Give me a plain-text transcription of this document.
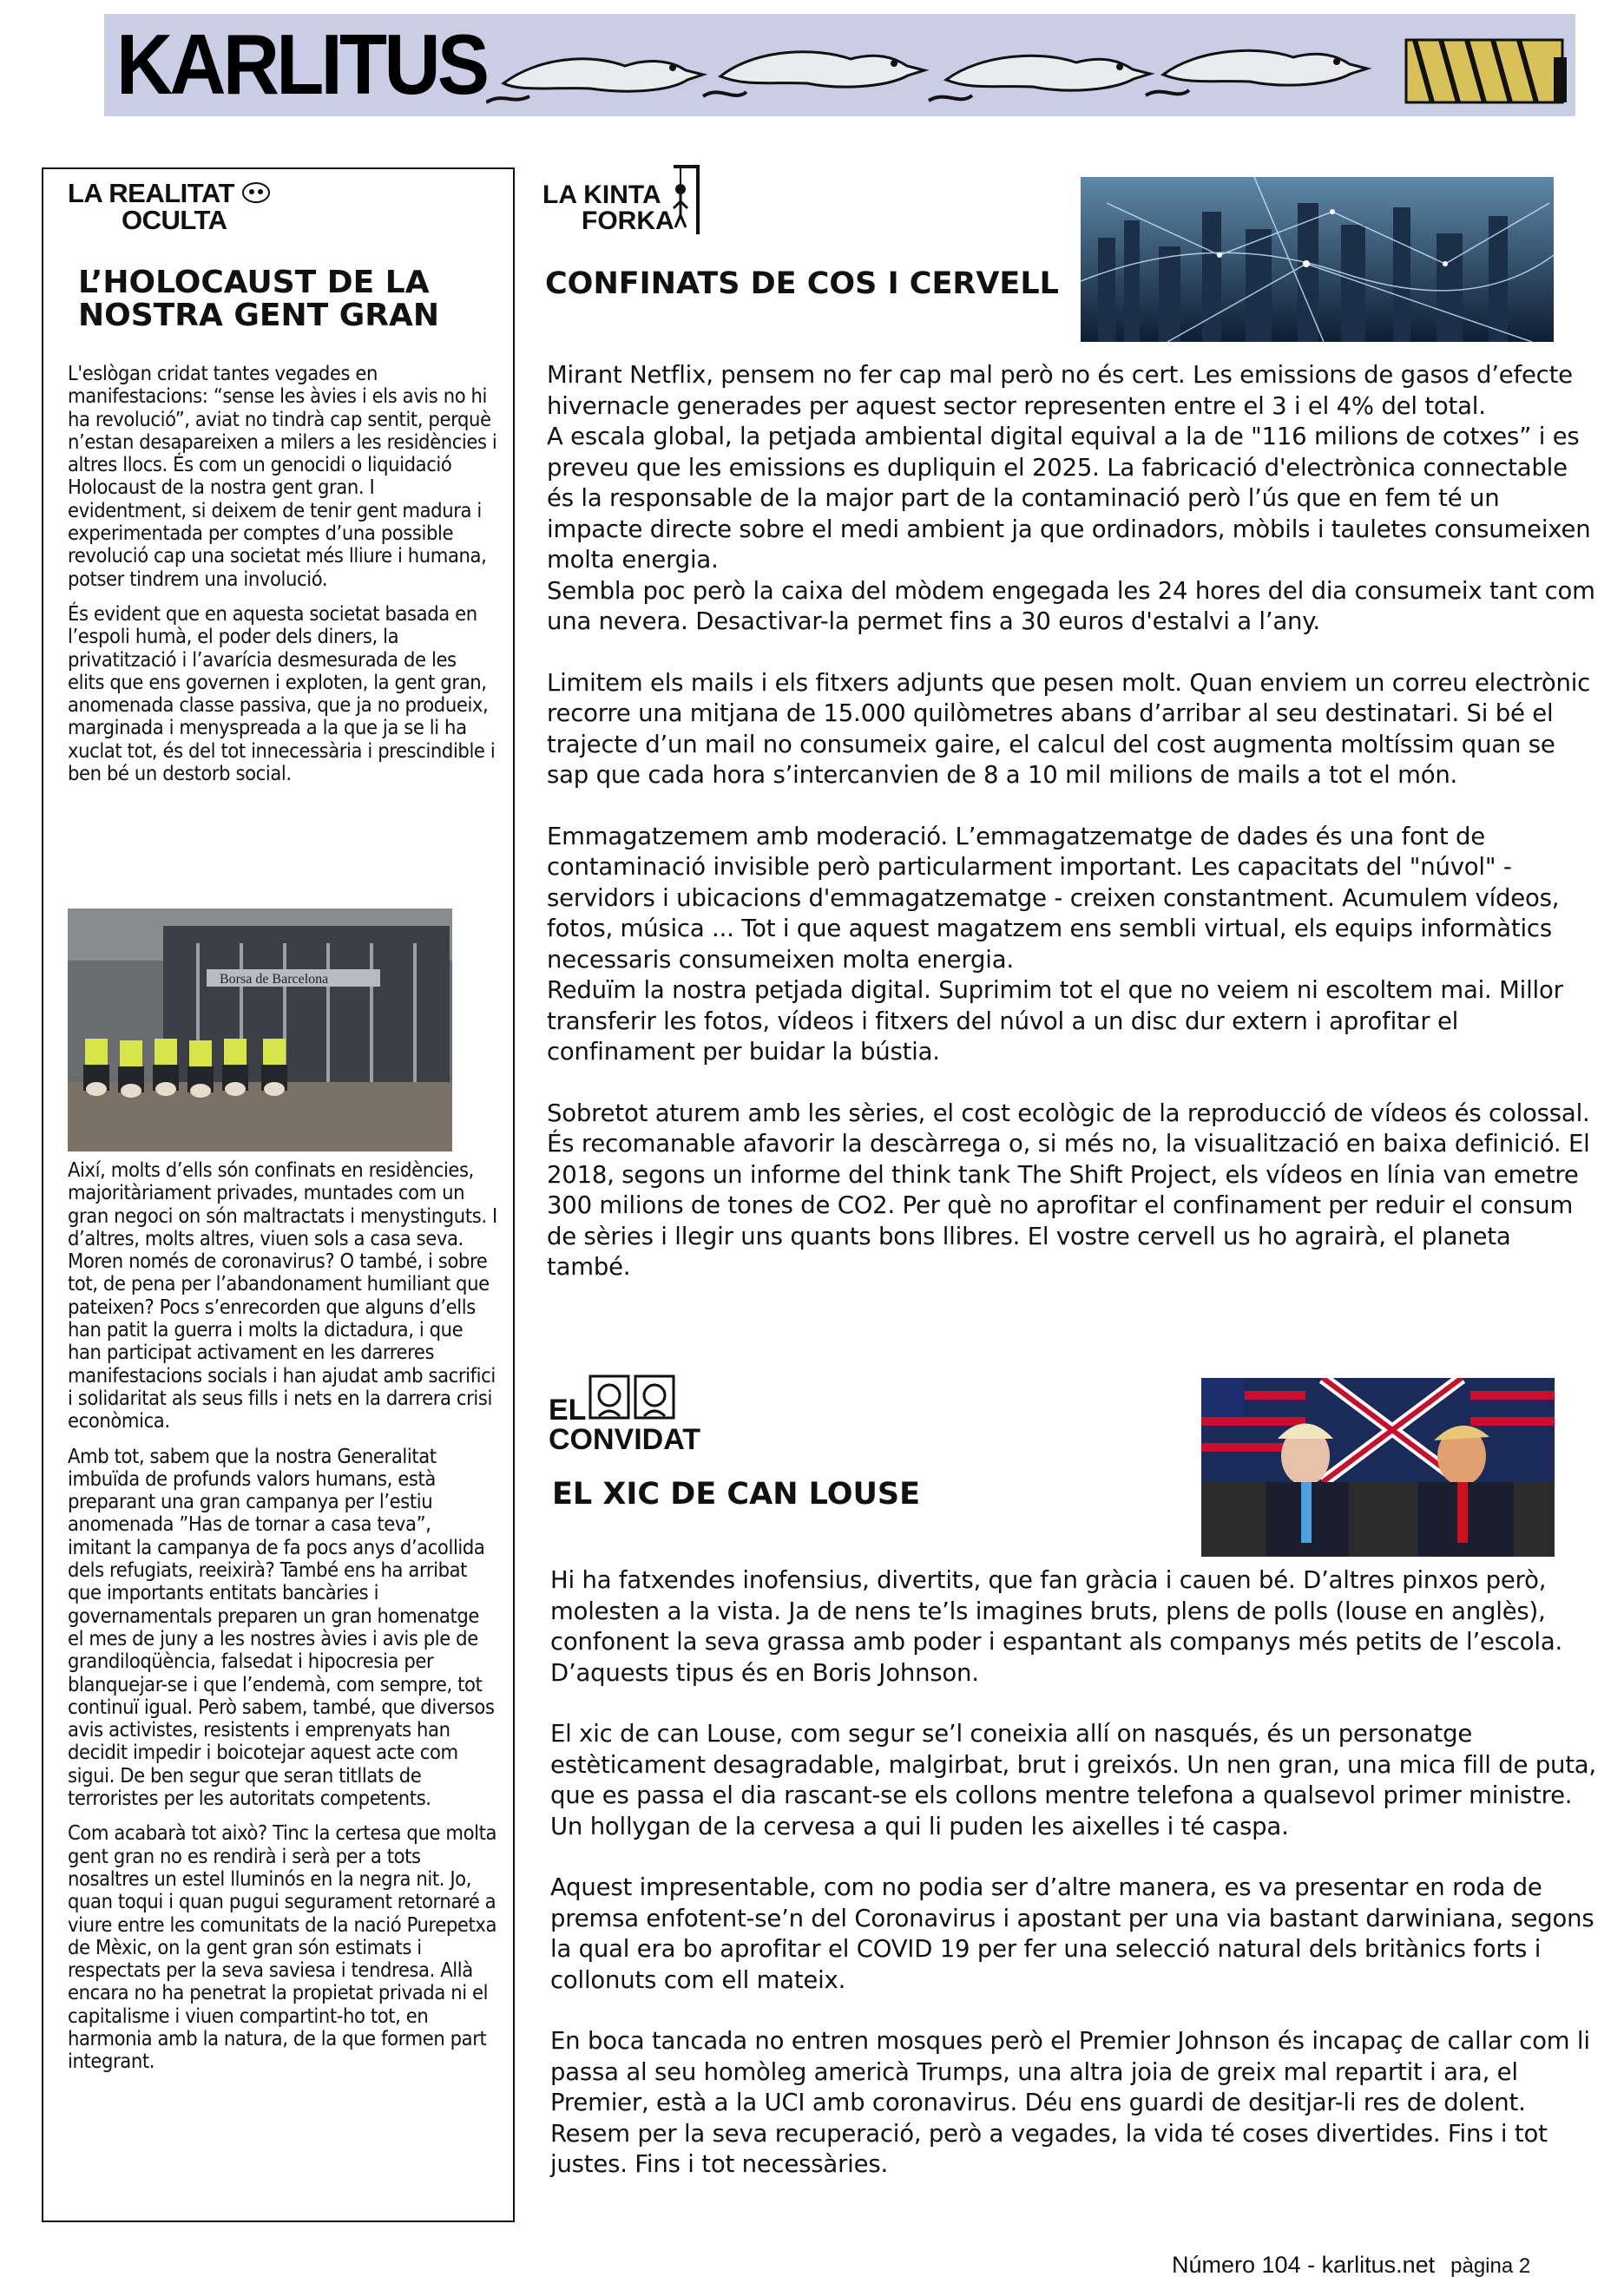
KARLITUS
LA REALITAT
OCULTA
L’HOLOCAUST DE LA
NOSTRA GENT GRAN

L'eslògan cridat tantes vegades en manifestacions: “sense les àvies i els avis no hi ha revolució”, aviat no tindrà cap sentit, perquè n’estan desapareixen a milers a les residències i altres llocs. És com un genocidi o liquidació Holocaust de la nostra gent gran. I evidentment, si deixem de tenir gent madura i experimentada per comptes d’una possible revolució cap una societat més lliure i humana, potser tindrem una involució.

És evident que en aquesta societat basada en l’espoli humà, el poder dels diners, la privatització i l’avarícia desmesurada de les elits que ens governen i exploten, la gent gran, anomenada classe passiva, que ja no produeix, marginada i menyspreada a la que ja se li ha xuclat tot, és del tot innecessària i prescindible i ben bé un destorb social.

Borsa de Barcelona

Així, molts d’ells són confinats en residències, majoritàriament privades, muntades com un gran negoci on són maltractats i menystinguts. I d’altres, molts altres, viuen sols a casa seva. Moren només de coronavirus? O també, i sobre tot, de pena per l’abandonament humiliant que pateixen? Pocs s’enrecorden que alguns d’ells han patit la guerra i molts la dictadura, i que han participat activament en les darreres manifestacions socials i han ajudat amb sacrifici i solidaritat als seus fills i nets en la darrera crisi econòmica.

Amb tot, sabem que la nostra Generalitat imbuïda de profunds valors humans, està preparant una gran campanya per l’estiu anomenada ”Has de tornar a casa teva”, imitant la campanya de fa pocs anys d’acollida dels refugiats, reeixirà? També ens ha arribat que importants entitats bancàries i governamentals preparen un gran homenatge el mes de juny a les nostres àvies i avis ple de grandiloqüència, falsedat i hipocresia per blanquejar-se i que l’endemà, com sempre, tot continuï igual. Però sabem, també, que diversos avis activistes, resistents i emprenyats han decidit impedir i boicotejar aquest acte com sigui. De ben segur que seran titllats de terroristes per les autoritats competents.

Com acabarà tot això? Tinc la certesa que molta gent gran no es rendirà i serà per a tots nosaltres un estel lluminós en la negra nit. Jo, quan toqui i quan pugui segurament retornaré a viure entre les comunitats de la nació Purepetxa de Mèxic, on la gent gran són estimats i respectats per la seva saviesa i tendresa. Allà encara no ha penetrat la propietat privada ni el capitalisme i viuen compartint-ho tot, en harmonia amb la natura, de la que formen part integrant.

LA KINTA
FORKA
CONFINATS DE COS I CERVELL

Mirant Netflix, pensem no fer cap mal però no és cert. Les emissions de gasos d’efecte hivernacle generades per aquest sector representen entre el 3 i el 4% del total.

A escala global, la petjada ambiental digital equival a la de "116 milions de cotxes” i es preveu que les emissions es dupliquin el 2025. La fabricació d'electrònica connectable és la responsable de la major part de la contaminació però l’ús que en fem té un impacte directe sobre el medi ambient ja que ordinadors, mòbils i tauletes consumeixen molta energia.

Sembla poc però la caixa del mòdem engegada les 24 hores del dia consumeix tant com una nevera. Desactivar-la permet fins a 30 euros d'estalvi a l’any.

Limitem els mails i els fitxers adjunts que pesen molt. Quan enviem un correu electrònic recorre una mitjana de 15.000 quilòmetres abans d’arribar al seu destinatari. Si bé el trajecte d’un mail no consumeix gaire, el calcul del cost augmenta moltíssim quan se sap que cada hora s’intercanvien de 8 a 10 mil milions de mails a tot el món.

Emmagatzemem amb moderació. L’emmagatzematge de dades és una font de contaminació invisible però particularment important. Les capacitats del "núvol" - servidors i ubicacions d'emmagatzematge - creixen constantment. Acumulem vídeos, fotos, música ... Tot i que aquest magatzem ens sembli virtual, els equips informàtics necessaris consumeixen molta energia.

Reduïm la nostra petjada digital. Suprimim tot el que no veiem ni escoltem mai. Millor transferir les fotos, vídeos i fitxers del núvol a un disc dur extern i aprofitar el confinament per buidar la bústia.

Sobretot aturem amb les sèries, el cost ecològic de la reproducció de vídeos és colossal. És recomanable afavorir la descàrrega o, si més no, la visualització en baixa definició. El 2018, segons un informe del think tank The Shift Project, els vídeos en línia van emetre 300 milions de tones de CO2. Per què no aprofitar el confinament per reduir el consum de sèries i llegir uns quants bons llibres. El vostre cervell us ho agrairà, el planeta també.

EL
CONVIDAT
EL XIC DE CAN LOUSE

Hi ha fatxendes inofensius, divertits, que fan gràcia i cauen bé. D’altres pinxos però, molesten a la vista. Ja de nens te’ls imagines bruts, plens de polls (louse en anglès), confonent la seva grassa amb poder i espantant als companys més petits de l’escola. D’aquests tipus és en Boris Johnson.

El xic de can Louse, com segur se’l coneixia allí on nasqués, és un personatge estèticament desagradable, malgirbat, brut i greixós. Un nen gran, una mica fill de puta, que es passa el dia rascant-se els collons mentre telefona a qualsevol primer ministre. Un hollygan de la cervesa a qui li puden les aixelles i té caspa.

Aquest impresentable, com no podia ser d’altre manera, es va presentar en roda de premsa enfotent-se’n del Coronavirus i apostant per una via bastant darwiniana, segons la qual era bo aprofitar el COVID 19 per fer una selecció natural dels britànics forts i collonuts com ell mateix.

En boca tancada no entren mosques però el Premier Johnson és incapaç de callar com li passa al seu homòleg americà Trumps, una altra joia de greix mal repartit i ara, el Premier, està a la UCI amb coronavirus. Déu ens guardi de desitjar-li res de dolent. Resem per la seva recuperació, però a vegades, la vida té coses divertides. Fins i tot justes. Fins i tot necessàries.

Número 104 - karlitus.net pàgina 2
